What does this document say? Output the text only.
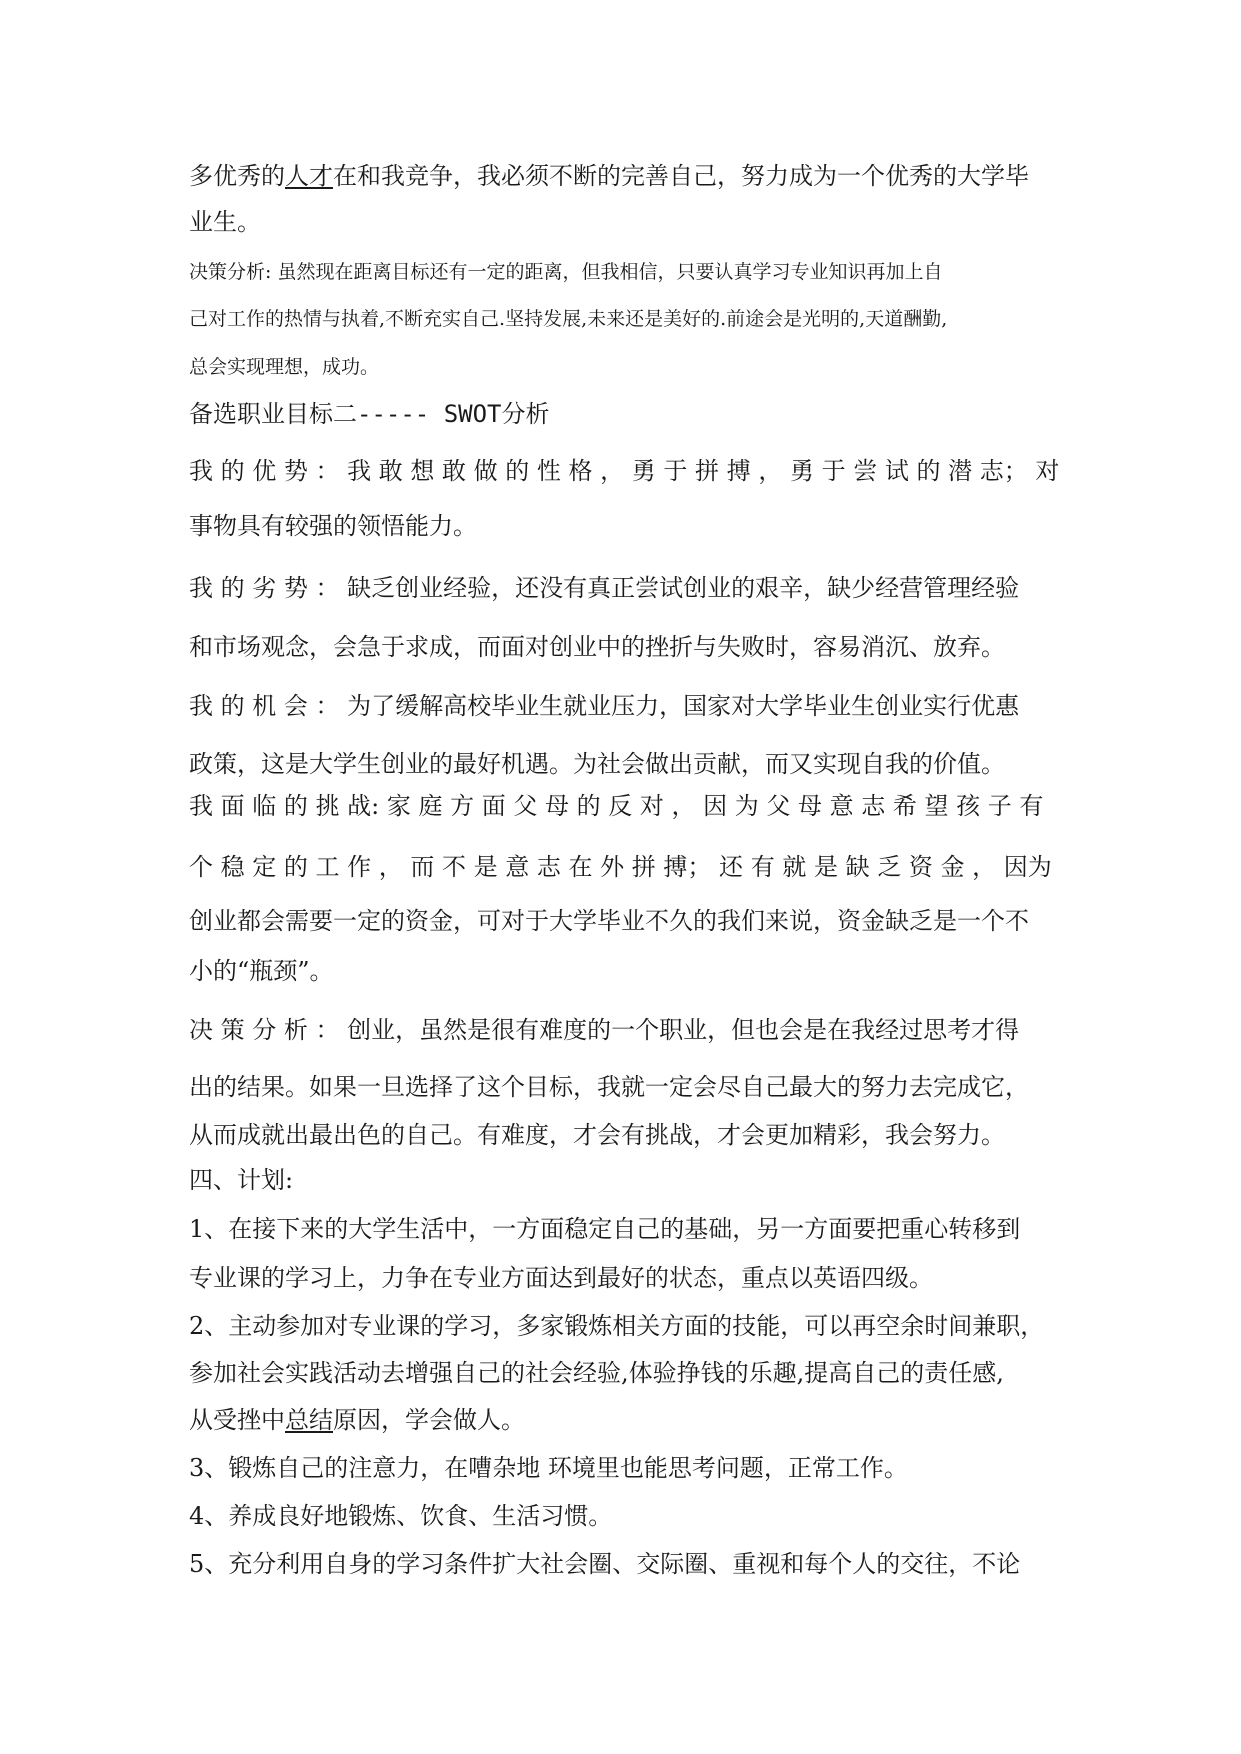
多优秀的人才在和我竞争，我必须不断的完善自己，努力成为一个优秀的大学毕
业生。
决策分析: 虽然现在距离目标还有一定的距离，但我相信，只要认真学习专业知识再加上自
己对工作的热情与执着,不断充实自己.坚持发展,未来还是美好的.前途会是光明的,天道酬勤,
总会实现理想，成功。
备选职业目标二----- SWOT分析
我 的 优 势 ： 我 敢 想 敢 做 的 性 格 ， 勇 于 拼 搏 ， 勇 于 尝 试 的 潜 志； 对
事物具有较强的领悟能力。
我 的 劣 势 ： 缺乏创业经验，还没有真正尝试创业的艰辛，缺少经营管理经验
和市场观念，会急于求成，而面对创业中的挫折与失败时，容易消沉、放弃。
我 的 机 会 ： 为了缓解高校毕业生就业压力，国家对大学毕业生创业实行优惠
政策，这是大学生创业的最好机遇。为社会做出贡献，而又实现自我的价值。
我 面 临 的 挑 战: 家 庭 方 面 父 母 的 反 对 ， 因 为 父 母 意 志 希 望 孩 子 有
个 稳 定 的 工 作 ， 而 不 是 意 志 在 外 拼 搏； 还 有 就 是 缺 乏 资 金 ， 因为
创业都会需要一定的资金，可对于大学毕业不久的我们来说，资金缺乏是一个不
小的“瓶颈”。
决 策 分 析 ： 创业，虽然是很有难度的一个职业，但也会是在我经过思考才得
出的结果。如果一旦选择了这个目标，我就一定会尽自己最大的努力去完成它，
从而成就出最出色的自己。有难度，才会有挑战，才会更加精彩，我会努力。
四、计划:
1、在接下来的大学生活中，一方面稳定自己的基础，另一方面要把重心转移到
专业课的学习上，力争在专业方面达到最好的状态，重点以英语四级。
2、主动参加对专业课的学习，多家锻炼相关方面的技能，可以再空余时间兼职，
参加社会实践活动去增强自己的社会经验,体验挣钱的乐趣,提高自己的责任感,
从受挫中总结原因，学会做人。
3、锻炼自己的注意力，在嘈杂地 环境里也能思考问题，正常工作。
4、养成良好地锻炼、饮食、生活习惯。
5、充分利用自身的学习条件扩大社会圈、交际圈、重视和每个人的交往，不论
